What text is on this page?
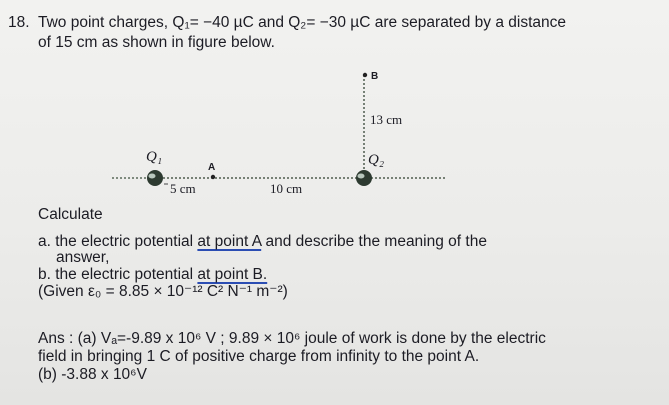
18. Two point charges, Q₁= −40 µC and Q₂= −30 µC are separated by a distance
of 15 cm as shown in figure below.
Q₁	Q₂
A
B
5 cm	10 cm
13 cm
Calculate
a. the electric potential at point A and describe the meaning of the
answer,
b. the electric potential at point B.
(Given ε₀ = 8.85 × 10⁻¹² C² N⁻¹ m⁻²)
Ans : (a) Vₐ=-9.89 x 10⁶ V ; 9.89 × 10⁶ joule of work is done by the electric
field in bringing 1 C of positive charge from infinity to the point A.
(b) -3.88 x 10⁶V
